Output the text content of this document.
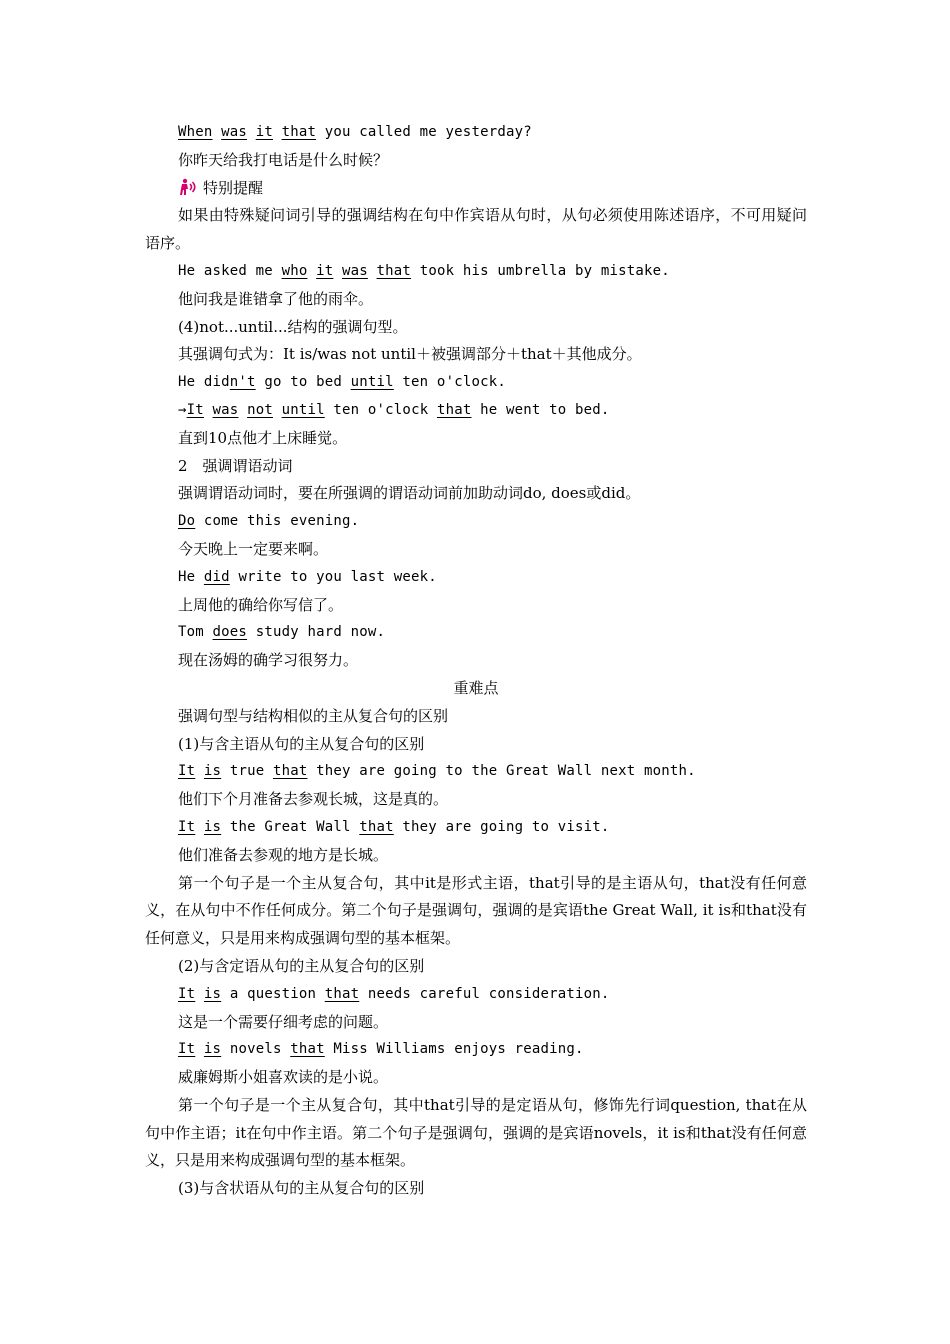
When was it that you called me yesterday?
你昨天给我打电话是什么时候？
特别提醒
如果由特殊疑问词引导的强调结构在句中作宾语从句时，从句必须使用陈述语序，不可用疑问语序。
He asked me who it was that took his umbrella by mistake.
他问我是谁错拿了他的雨伞。
(4)not...until...结构的强调句型。
其强调句式为：It is/was not until＋被强调部分＋that＋其他成分。
He didn't go to bed until ten o'clock.
→It was not until ten o'clock that he went to bed.
直到10点他才上床睡觉。
2　强调谓语动词
强调谓语动词时，要在所强调的谓语动词前加助动词do, does或did。
Do come this evening.
今天晚上一定要来啊。
He did write to you last week.
上周他的确给你写信了。
Tom does study hard now.
现在汤姆的确学习很努力。
重难点
强调句型与结构相似的主从复合句的区别
(1)与含主语从句的主从复合句的区别
It is true that they are going to the Great Wall next month.
他们下个月准备去参观长城，这是真的。
It is the Great Wall that they are going to visit.
他们准备去参观的地方是长城。
第一个句子是一个主从复合句，其中it是形式主语，that引导的是主语从句，that没有任何意义，在从句中不作任何成分。第二个句子是强调句，强调的是宾语the Great Wall, it is和that没有任何意义，只是用来构成强调句型的基本框架。
(2)与含定语从句的主从复合句的区别
It is a question that needs careful consideration.
这是一个需要仔细考虑的问题。
It is novels that Miss Williams enjoys reading.
威廉姆斯小姐喜欢读的是小说。
第一个句子是一个主从复合句，其中that引导的是定语从句，修饰先行词question, that在从句中作主语；it在句中作主语。第二个句子是强调句，强调的是宾语novels，it is和that没有任何意义，只是用来构成强调句型的基本框架。
(3)与含状语从句的主从复合句的区别
